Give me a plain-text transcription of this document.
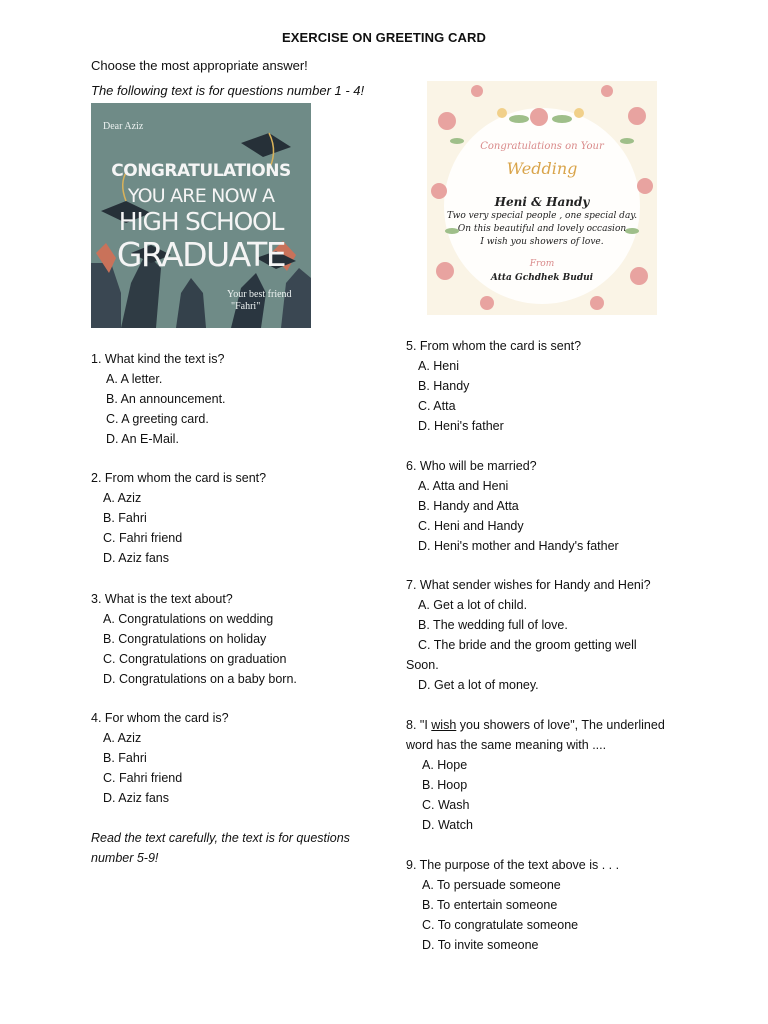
EXERCISE ON GREETING CARD
Choose the most appropriate answer!
The following text is for questions number 1 - 4!
Dear Aziz
CONGRATULATIONS
YOU ARE NOW A
HIGH SCHOOL
GRADUATE
Your best friend
"Fahri"
Congratulations on Your
Wedding
Heni & Handy
Two very special people , one special day.
On this beautiful and lovely occasion
I wish you showers of love.
From
Atta Gchdhek Budui
1. What kind the text is?
A. A letter.
B. An announcement.
C. A greeting card.
D. An E-Mail.
2. From whom the card is sent?
A. Aziz
B. Fahri
C. Fahri friend
D. Aziz fans
3. What is the text about?
A. Congratulations on wedding
B. Congratulations on holiday
C. Congratulations on graduation
D. Congratulations on a baby born.
4. For whom the card is?
A. Aziz
B. Fahri
C. Fahri friend
D. Aziz fans
Read the text carefully, the text is for questions number 5-9!
5. From whom the card is sent?
A. Heni
B. Handy
C. Atta
D. Heni's father
6. Who will be married?
A. Atta and Heni
B. Handy and Atta
C. Heni and Handy
D. Heni's mother and Handy's father
7. What sender wishes for Handy and Heni?
A. Get a lot of child.
B. The wedding full of love.
C. The bride and the groom getting well
Soon.
D. Get a lot of money.
8. "I wish you showers of love", The underlined
word has the same meaning with ....
A. Hope
B. Hoop
C. Wash
D. Watch
9. The purpose of the text above is . . .
A. To persuade someone
B. To entertain someone
C. To congratulate someone
D. To invite someone
